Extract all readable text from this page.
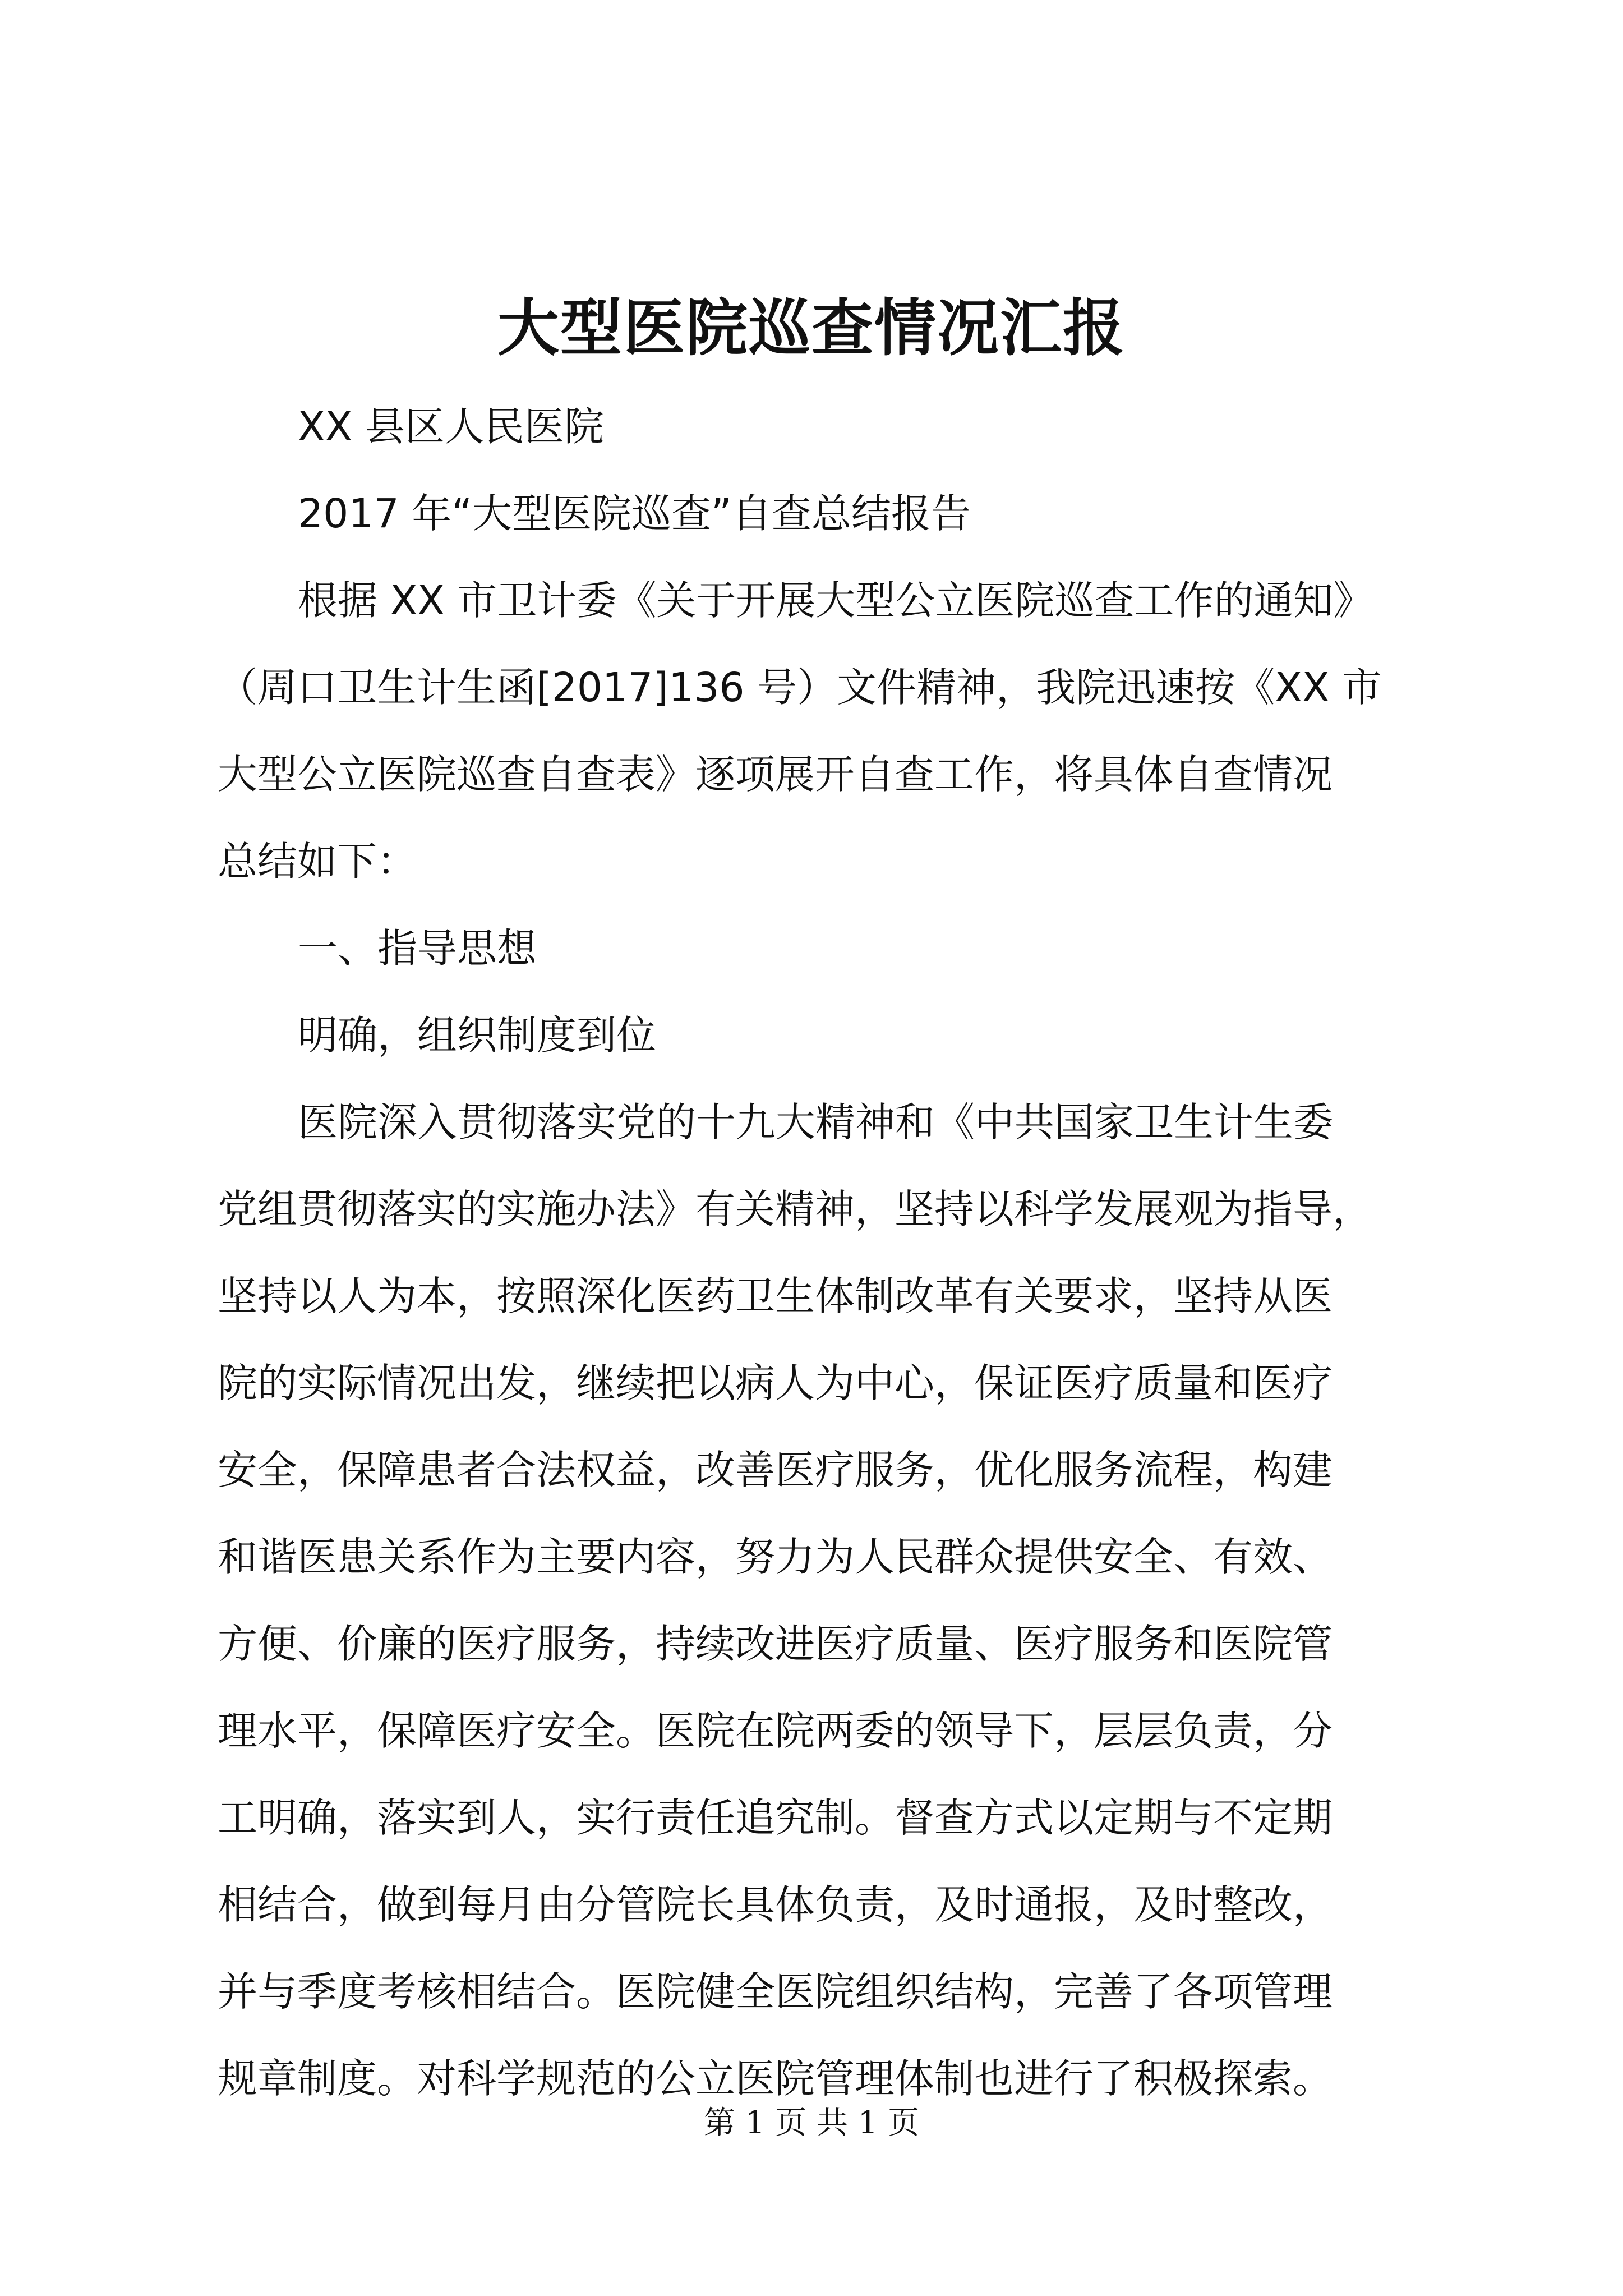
大型医院巡查情况汇报
XX 县区人民医院
2017 年“大型医院巡查”自查总结报告
根据 XX 市卫计委《关于开展大型公立医院巡查工作的通知》
（周口卫生计生函[2017]136 号）文件精神，我院迅速按《XX 市
大型公立医院巡查自查表》逐项展开自查工作，将具体自查情况
总结如下：
一、指导思想
明确，组织制度到位
医院深入贯彻落实党的十九大精神和《中共国家卫生计生委
党组贯彻落实的实施办法》有关精神，坚持以科学发展观为指导，
坚持以人为本，按照深化医药卫生体制改革有关要求，坚持从医
院的实际情况出发，继续把以病人为中心，保证医疗质量和医疗
安全，保障患者合法权益，改善医疗服务，优化服务流程，构建
和谐医患关系作为主要内容，努力为人民群众提供安全、有效、
方便、价廉的医疗服务，持续改进医疗质量、医疗服务和医院管
理水平，保障医疗安全。医院在院两委的领导下，层层负责，分
工明确，落实到人，实行责任追究制。督查方式以定期与不定期
相结合，做到每月由分管院长具体负责，及时通报，及时整改，
并与季度考核相结合。医院健全医院组织结构，完善了各项管理
规章制度。对科学规范的公立医院管理体制也进行了积极探索。
第 1 页 共 1 页
